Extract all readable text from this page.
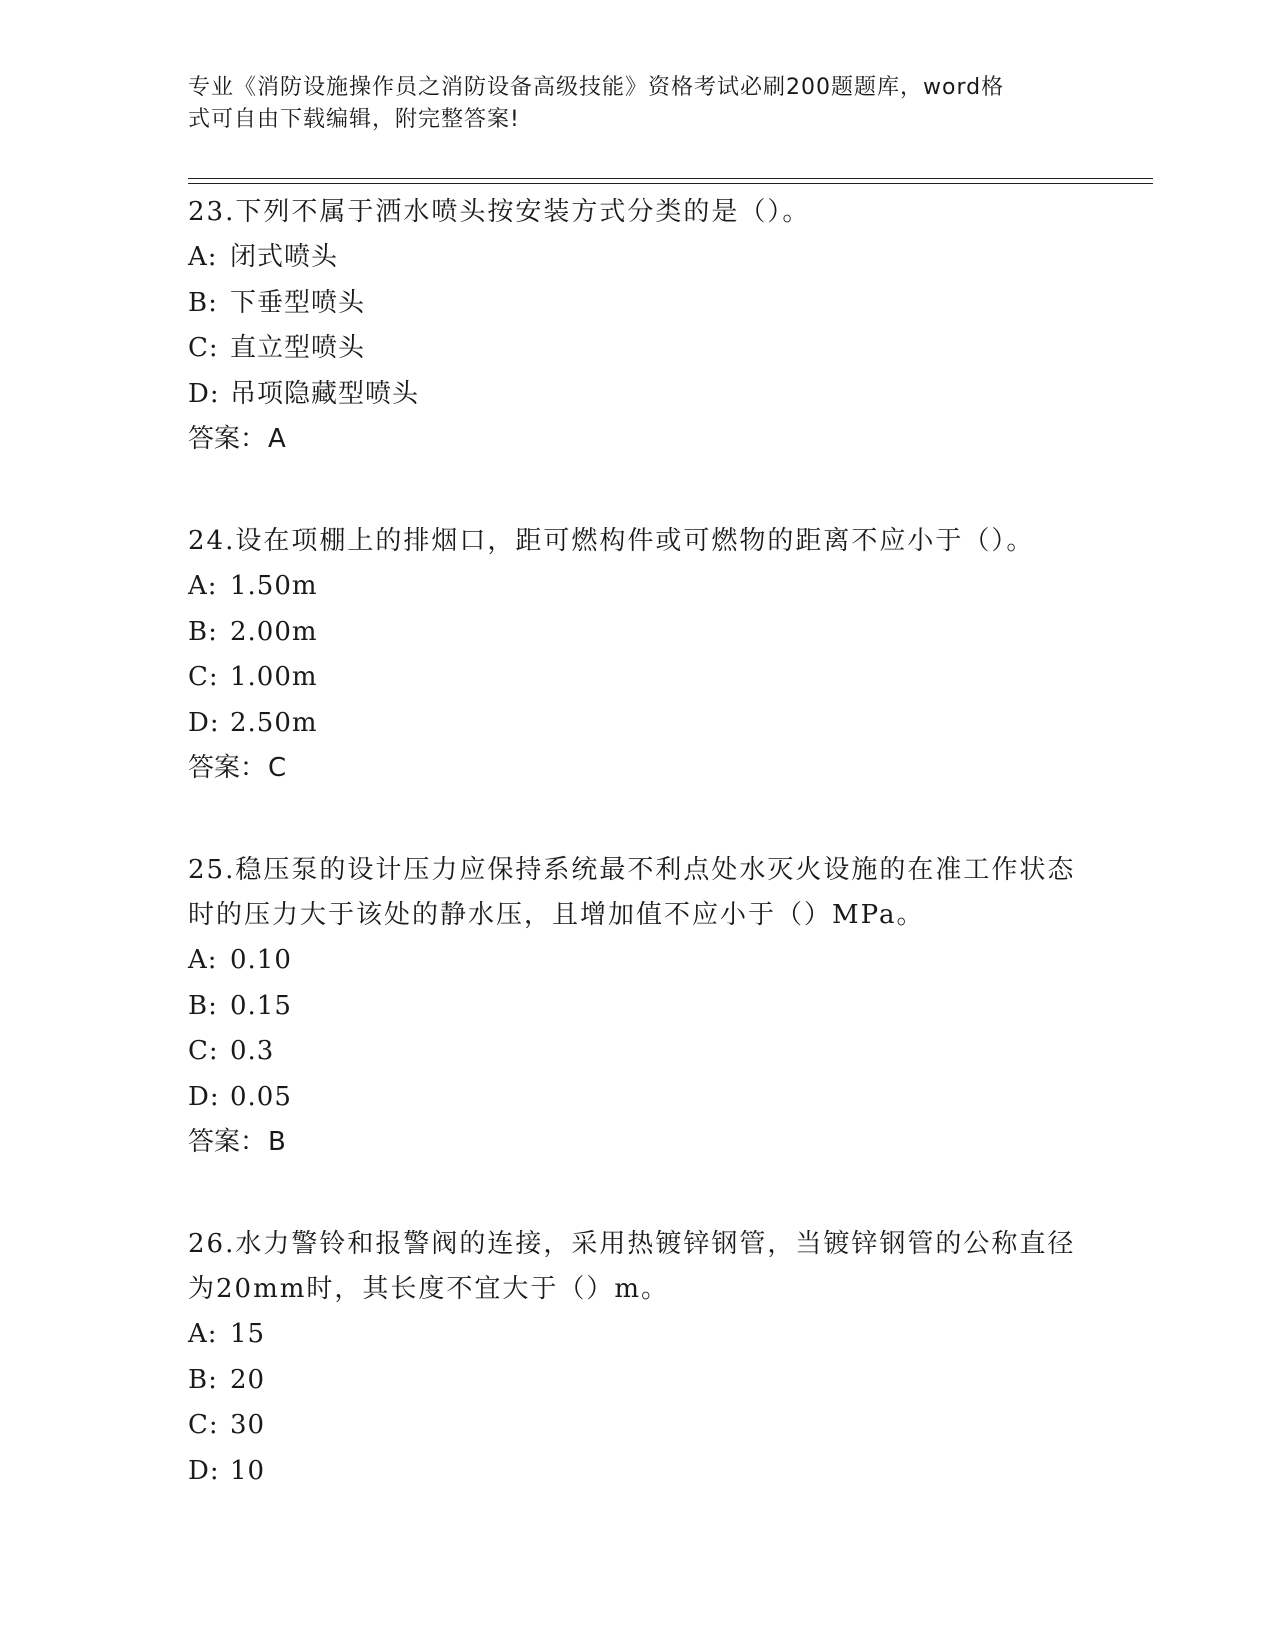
专业《消防设施操作员之消防设备高级技能》资格考试必刷200题题库，word格
式可自由下载编辑，附完整答案!
23.下列不属于洒水喷头按安装方式分类的是（）。
A: 闭式喷头
B: 下垂型喷头
C: 直立型喷头
D: 吊项隐藏型喷头
答案：A
24.设在项棚上的排烟口，距可燃构件或可燃物的距离不应小于（）。
A: 1.50m
B: 2.00m
C: 1.00m
D: 2.50m
答案：C
25.稳压泵的设计压力应保持系统最不利点处水灭火设施的在准工作状态时的压力大于该处的静水压，且增加值不应小于（）MPa。
A: 0.10
B: 0.15
C: 0.3
D: 0.05
答案：B
26.水力警铃和报警阀的连接，采用热镀锌钢管，当镀锌钢管的公称直径为20mm时，其长度不宜大于（）m。
A: 15
B: 20
C: 30
D: 10
